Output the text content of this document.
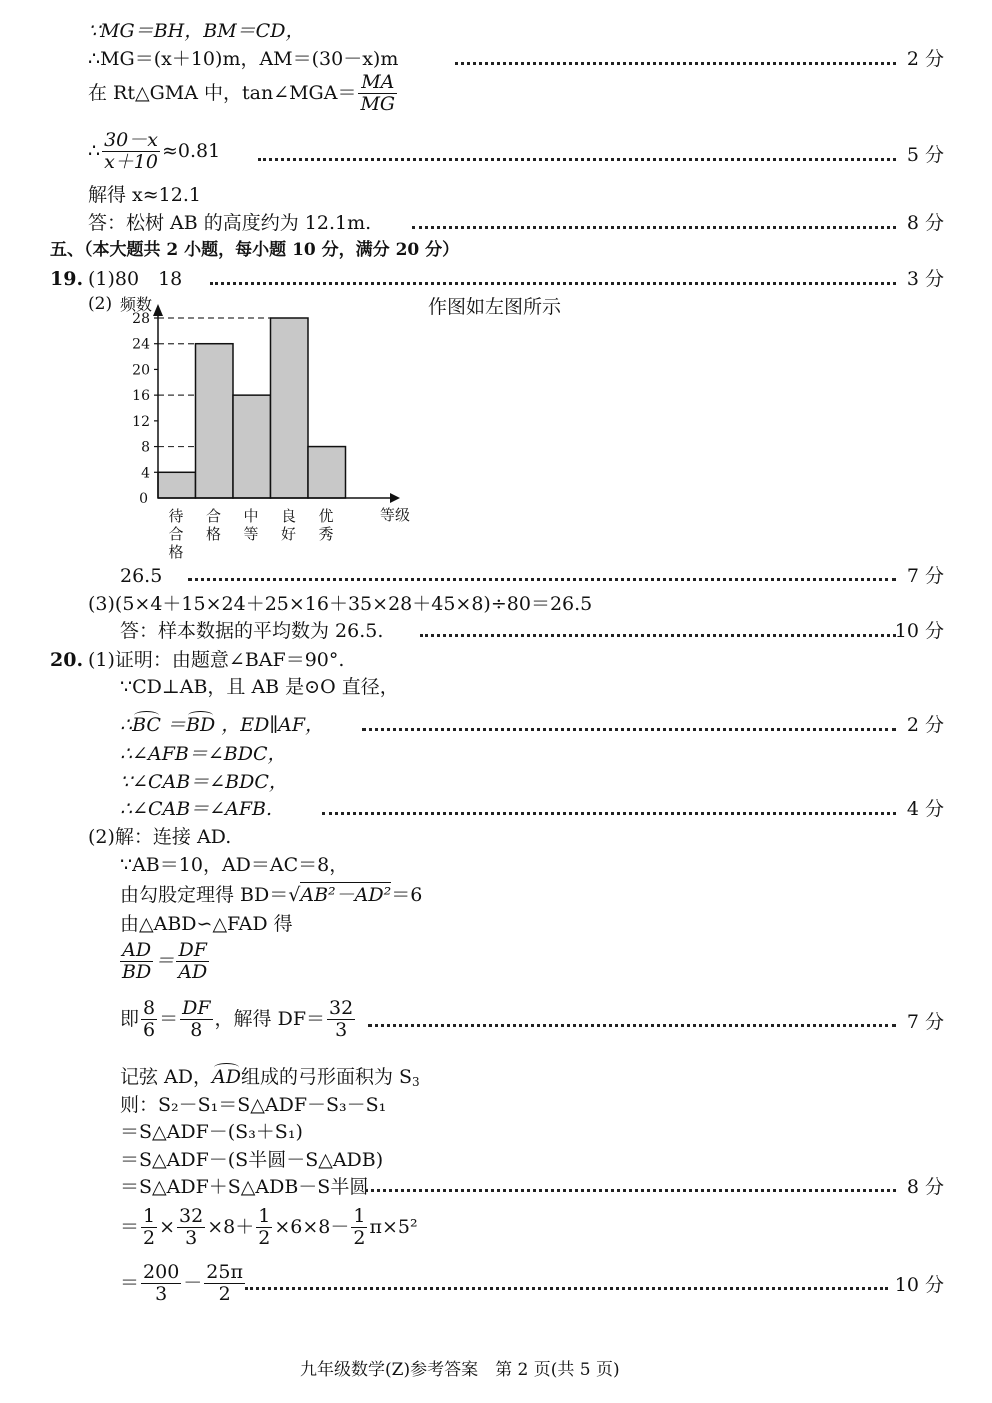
∵MG＝BH，BM＝CD，
∴MG＝(x＋10)m，AM＝(30－x)m	2 分
在 Rt△GMA 中，tan∠MGA＝ $\frac{MA}{MG}$
∴ $\frac{30-x}{x+10} \approx 0.81$	5 分
解得 x≈12.1
答：松树 AB 的高度约为 12.1m.	8 分
五、（本大题共 2 小题，每小题 10 分，满分 20 分）
19. (1)80　18	3 分
(2)	作图如左图所示
0
4
8
12
16
20
24
28
频数
等级
待合格
合格
中等
良好
优秀
26.5	7 分
(3)(5×4＋15×24＋25×16＋35×28＋45×8)÷80＝26.5
答：样本数据的平均数为 26.5.	10 分
20. (1)证明：由题意∠BAF＝90°.
∵CD⊥AB，且 AB 是⊙O 直径，
∴BC ＝BD ，ED∥AF，	2 分
∴∠AFB＝∠BDC，
∵∠CAB＝∠BDC，
∴∠CAB＝∠AFB.	4 分
(2)解：连接 AD.
∵AB＝10，AD＝AC＝8，
由勾股定理得 BD＝√AB²－AD²＝6
由△ABD∽△FAD 得
$\frac{AD}{BD} = \frac{DF}{AD}$
即 $\frac{8}{6} = \frac{DF}{8}$ ，解得 $DF= \frac{32}{3}$	7 分
记弦 AD，AD组成的弓形面积为 $S_3$
则：S₂－S₁＝S△ADF－S₃－S₁
＝S△ADF－(S₃＋S₁)
＝S△ADF－(S半圆－S△ADB)
＝S△ADF＋S△ADB－S半圆	8 分
＝ $\frac{1}{2} \times \frac{32}{3} \times 8+ \frac{1}{2} \times 6\times 8- \frac{1}{2} \pi\times 5^2$
＝ $\frac{200}{3} - \frac{25\pi}{2}$	10 分
九年级数学(Z)参考答案　第 2 页(共 5 页)
